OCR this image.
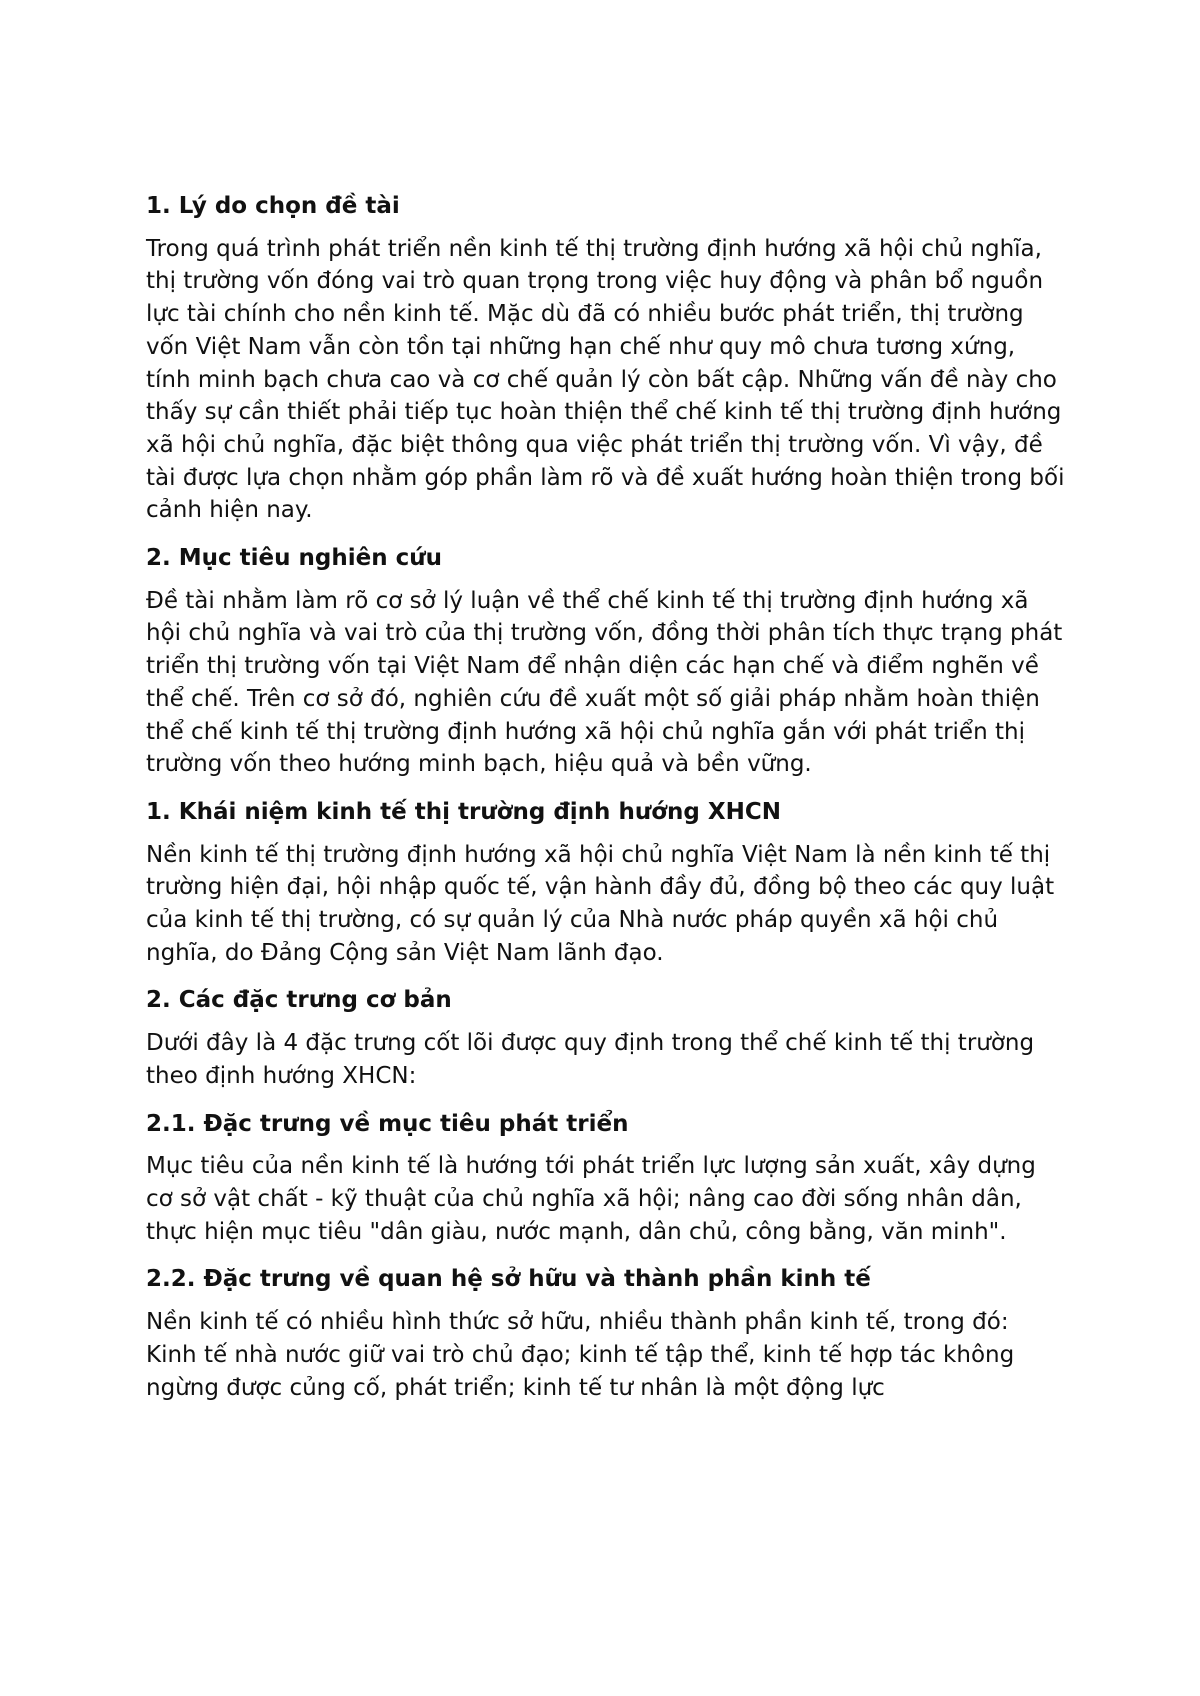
1. Lý do chọn đề tài

Trong quá trình phát triển nền kinh tế thị trường định hướng xã hội chủ nghĩa, thị trường vốn đóng vai trò quan trọng trong việc huy động và phân bổ nguồn lực tài chính cho nền kinh tế. Mặc dù đã có nhiều bước phát triển, thị trường vốn Việt Nam vẫn còn tồn tại những hạn chế như quy mô chưa tương xứng, tính minh bạch chưa cao và cơ chế quản lý còn bất cập. Những vấn đề này cho thấy sự cần thiết phải tiếp tục hoàn thiện thể chế kinh tế thị trường định hướng xã hội chủ nghĩa, đặc biệt thông qua việc phát triển thị trường vốn. Vì vậy, đề tài được lựa chọn nhằm góp phần làm rõ và đề xuất hướng hoàn thiện trong bối cảnh hiện nay.

2. Mục tiêu nghiên cứu

Đề tài nhằm làm rõ cơ sở lý luận về thể chế kinh tế thị trường định hướng xã hội chủ nghĩa và vai trò của thị trường vốn, đồng thời phân tích thực trạng phát triển thị trường vốn tại Việt Nam để nhận diện các hạn chế và điểm nghẽn về thể chế. Trên cơ sở đó, nghiên cứu đề xuất một số giải pháp nhằm hoàn thiện thể chế kinh tế thị trường định hướng xã hội chủ nghĩa gắn với phát triển thị trường vốn theo hướng minh bạch, hiệu quả và bền vững.

1. Khái niệm kinh tế thị trường định hướng XHCN

Nền kinh tế thị trường định hướng xã hội chủ nghĩa Việt Nam là nền kinh tế thị trường hiện đại, hội nhập quốc tế, vận hành đầy đủ, đồng bộ theo các quy luật của kinh tế thị trường, có sự quản lý của Nhà nước pháp quyền xã hội chủ nghĩa, do Đảng Cộng sản Việt Nam lãnh đạo.

2. Các đặc trưng cơ bản

Dưới đây là 4 đặc trưng cốt lõi được quy định trong thể chế kinh tế thị trường theo định hướng XHCN:

2.1. Đặc trưng về mục tiêu phát triển

Mục tiêu của nền kinh tế là hướng tới phát triển lực lượng sản xuất, xây dựng cơ sở vật chất - kỹ thuật của chủ nghĩa xã hội; nâng cao đời sống nhân dân, thực hiện mục tiêu "dân giàu, nước mạnh, dân chủ, công bằng, văn minh".

2.2. Đặc trưng về quan hệ sở hữu và thành phần kinh tế

Nền kinh tế có nhiều hình thức sở hữu, nhiều thành phần kinh tế, trong đó: Kinh tế nhà nước giữ vai trò chủ đạo; kinh tế tập thể, kinh tế hợp tác không ngừng được củng cố, phát triển; kinh tế tư nhân là một động lực
